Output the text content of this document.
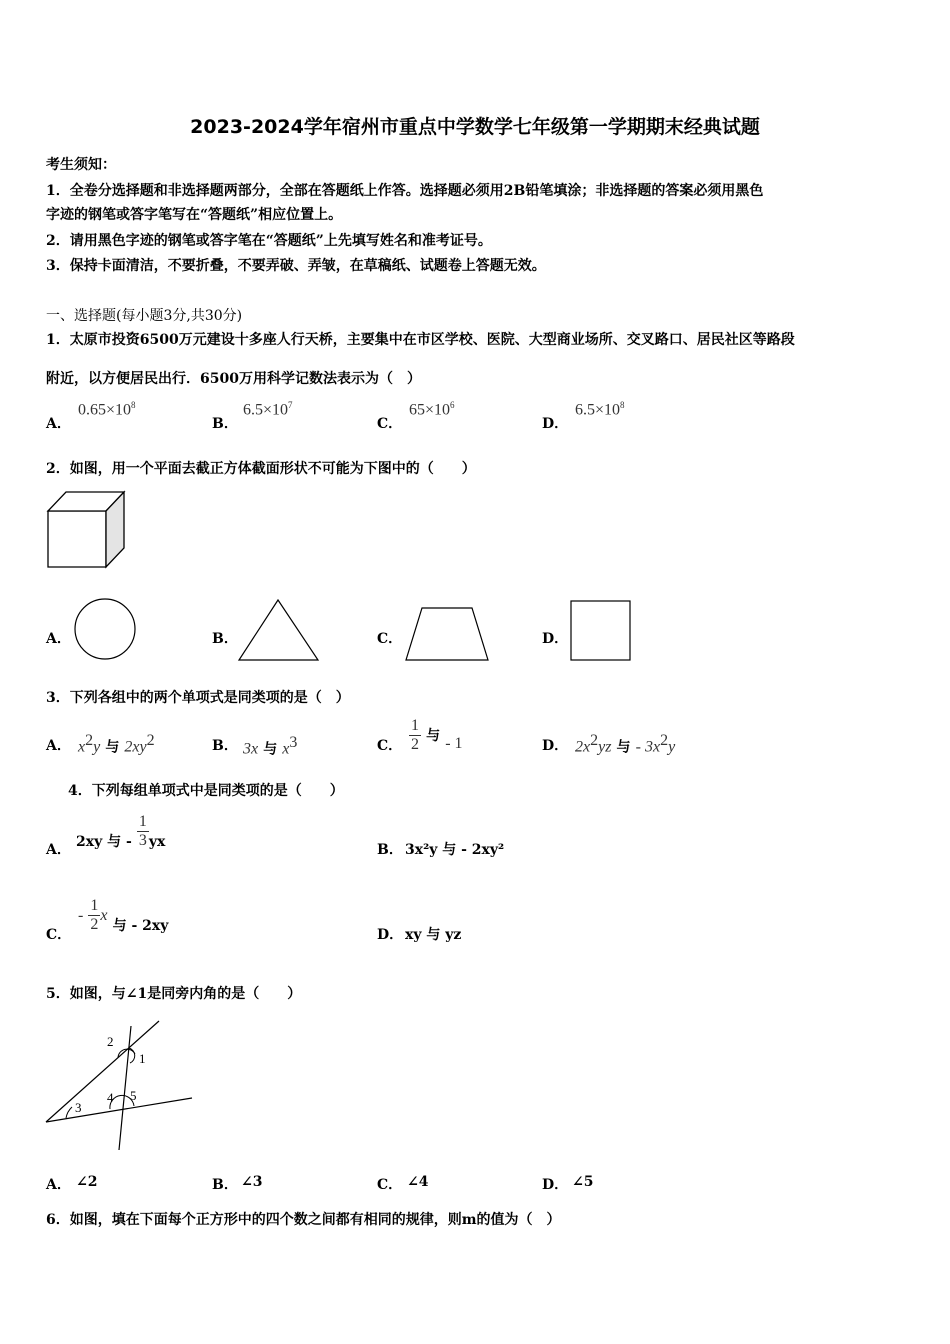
2023-2024学年宿州市重点中学数学七年级第一学期期末经典试题
考生须知：
1．全卷分选择题和非选择题两部分，全部在答题纸上作答。选择题必须用2B铅笔填涂；非选择题的答案必须用黑色
字迹的钢笔或答字笔写在“答题纸”相应位置上。
2．请用黑色字迹的钢笔或答字笔在“答题纸”上先填写姓名和准考证号。
3．保持卡面清洁，不要折叠，不要弄破、弄皱，在草稿纸、试题卷上答题无效。
一、选择题(每小题3分,共30分)
1．太原市投资6500万元建设十多座人行天桥，主要集中在市区学校、医院、大型商业场所、交叉路口、居民社区等路段
附近，以方便居民出行．6500万用科学记数法表示为（　）
A．
$0.65\times 10^8$
B．
$6.5\times 10^7$
C．
$65\times 10^6$
D．
$6.5\times 10^8$
2．如图，用一个平面去截正方体截面形状不可能为下图中的（　　）
A．	B．	C．	D．
3．下列各组中的两个单项式是同类项的是（　）
A． $x^2y$ 与 $2xy^2$	B． 3x 与 $x^3$	C． $\frac{1}{2}$ 与 - 1	D． $2x^2yz$ 与 - $3x^2y$
4．下列每组单项式中是同类项的是（　　）
A． 2xy 与 - $\frac{1}{3}$ yx	B． 3x²y 与 - 2xy²
C．
- $\frac{1}{2}$ x 与 - 2xy
D． xy 与 yz
5．如图，与∠1是同旁内角的是（　　）
2
1
3
4 5
A． ∠2	B． ∠3	C． ∠4	D． ∠5
6．如图，填在下面每个正方形中的四个数之间都有相同的规律，则m的值为（　）
